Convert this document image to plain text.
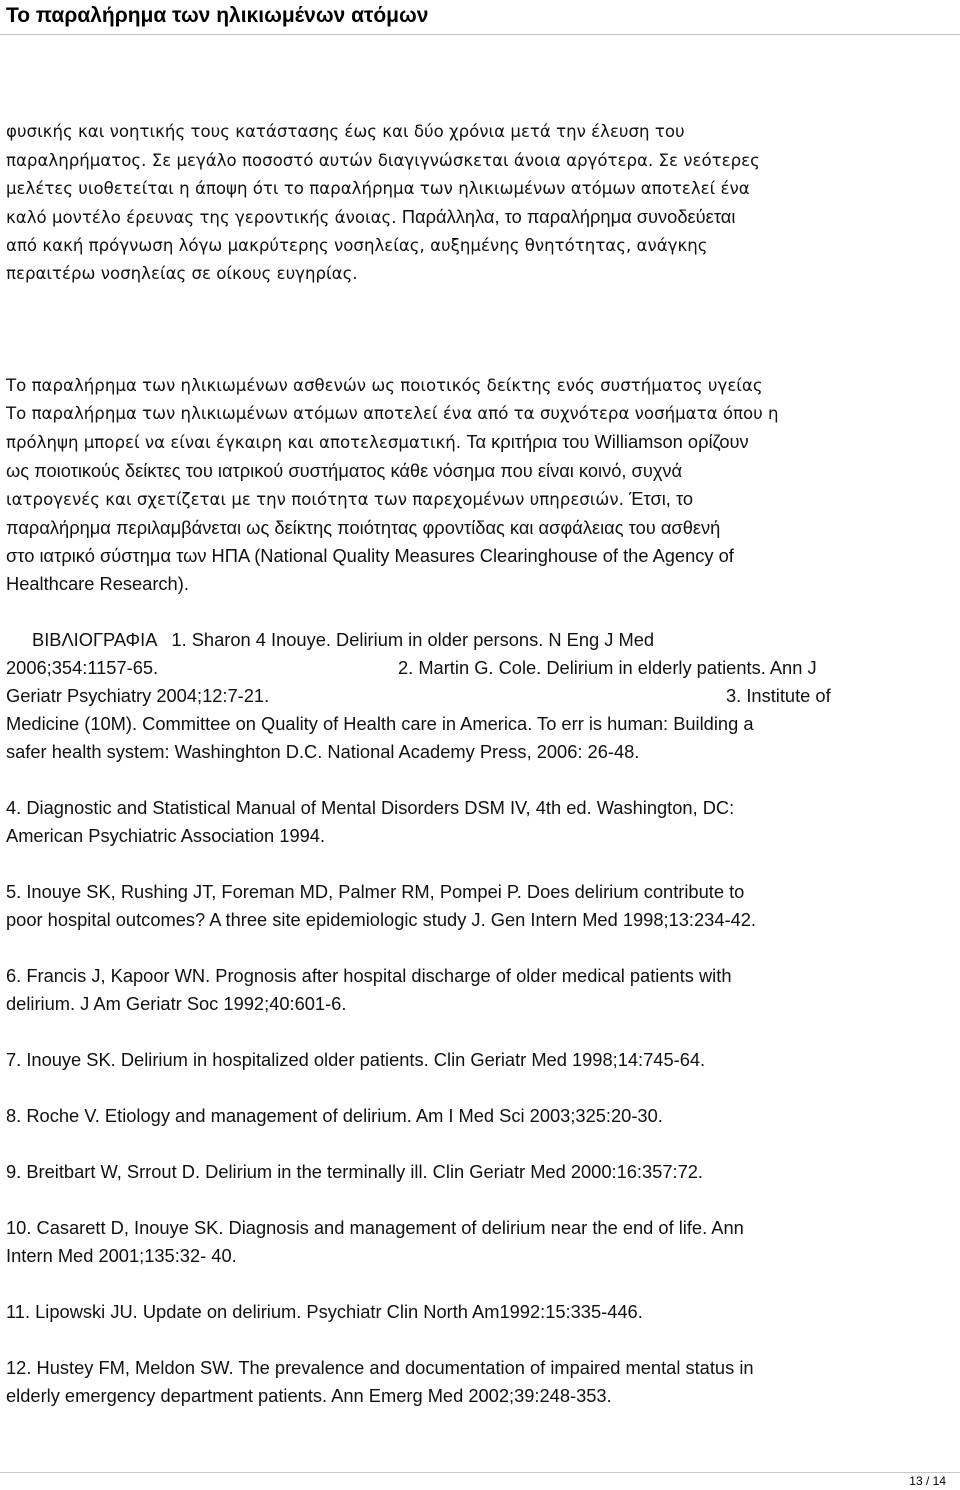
Το παραλήρημα των ηλικιωμένων ατόμων
φυσικής και νοητικής τους κατάστασης έως και δύο χρόνια μετά την έλευση του
παραληρήματος. Σε μεγάλο ποσοστό αυτών διαγιγνώσκεται άνοια αργότερα. Σε νεότερες
μελέτες υιοθετείται η άποψη ότι το παραλήρημα των ηλικιωμένων ατόμων αποτελεί ένα
καλό μοντέλο έρευνας της γεροντικής άνοιας. Παράλληλα, το παραλήρημα συνοδεύεται
από κακή πρόγνωση λόγω μακρύτερης νοσηλείας, αυξημένης θνητότητας, ανάγκης
περαιτέρω νοσηλείας σε οίκους ευγηρίας.
Το παραλήρημα των ηλικιωμένων ασθενών ως ποιοτικός δείκτης ενός συστήματος υγείας
Το παραλήρημα των ηλικιωμένων ατόμων αποτελεί ένα από τα συχνότερα νοσήματα όπου η
πρόληψη μπορεί να είναι έγκαιρη και αποτελεσματική. Τα κριτήρια του Williamson ορίζουν
ως ποιοτικούς δείκτες του ιατρικού συστήματος κάθε νόσημα που είναι κοινό, συχνά
ιατρογενές και σχετίζεται με την ποιότητα των παρεχομένων υπηρεσιών. Έτσι, το
παραλήρημα περιλαμβάνεται ως δείκτης ποιότητας φροντίδας και ασφάλειας του ασθενή
στο ιατρικό σύστημα των ΗΠΑ (National Quality Measures Clearinghouse of the Agency of
Healthcare Research).
ΒΙΒΛΙΟΓΡΑΦΙΑ 1. Sharon 4 Inouye. Delirium in older persons. N Eng J Med
2006;354:1157-65.	2. Martin G. Cole. Delirium in elderly patients. Ann J
Geriatr Psychiatry 2004;12:7-21.	3. Institute of
Medicine (10M). Committee on Quality of Health care in America. To err is human: Building a
safer health system: Washinghton D.C. National Academy Press, 2006: 26-48.
4. Diagnostic and Statistical Manual of Mental Disorders DSM IV, 4th ed. Washington, DC:
American Psychiatric Association 1994.
5. Inouye SK, Rushing JT, Foreman MD, Palmer RM, Pompei P. Does delirium contribute to
poor hospital outcomes? A three site epidemiologic study J. Gen Intern Med 1998;13:234-42.
6. Francis J, Kapoor WN. Prognosis after hospital discharge of older medical patients with
delirium. J Am Geriatr Soc 1992;40:601-6.
7. Inouye SK. Delirium in hospitalized older patients. Clin Geriatr Med 1998;14:745-64.
8. Roche V. Etiology and management of delirium. Am I Med Sci 2003;325:20-30.
9. Breitbart W, Srrout D. Delirium in the terminally ill. Clin Geriatr Med 2000:16:357:72.
10. Casarett D, Inouye SK. Diagnosis and management of delirium near the end of life. Ann
Intern Med 2001;135:32- 40.
11. Lipowski JU. Update on delirium. Psychiatr Clin North Am1992:15:335-446.
12. Hustey FM, Meldon SW. The prevalence and documentation of impaired mental status in
elderly emergency department patients. Ann Emerg Med 2002;39:248-353.
13 / 14
